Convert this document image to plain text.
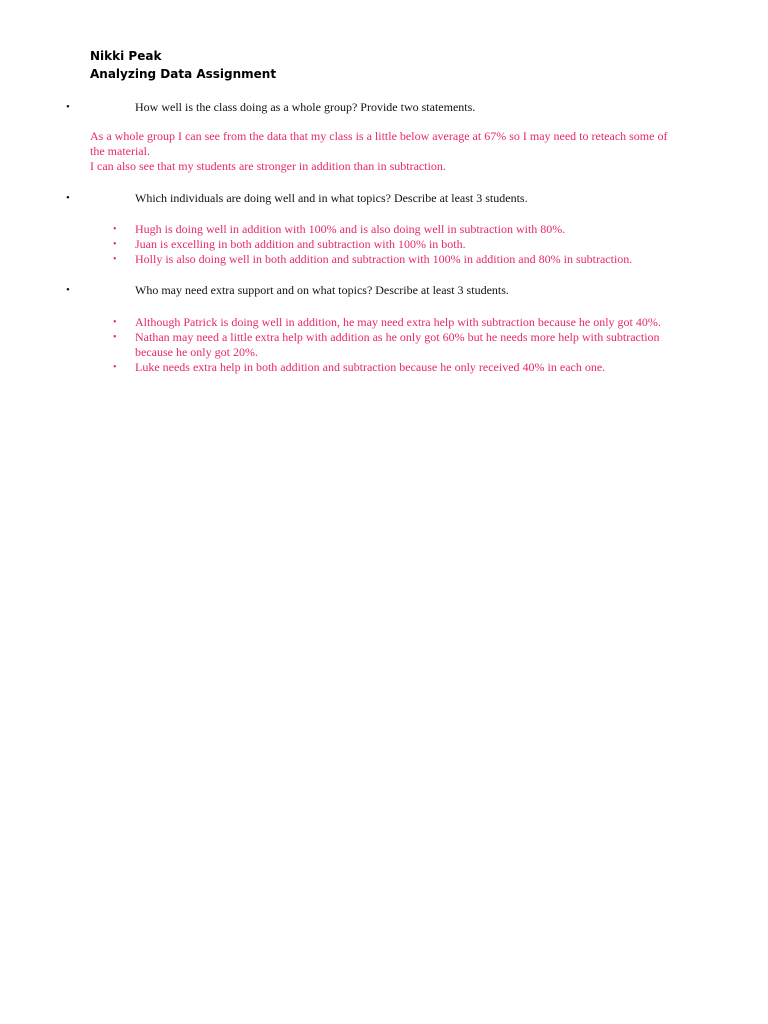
Nikki Peak
Analyzing Data Assignment
•	How well is the class doing as a whole group? Provide two statements.

As a whole group I can see from the data that my class is a little below average at 67% so I may need to reteach some of the material.

I can also see that my students are stronger in addition than in subtraction.

•	Which individuals are doing well and in what topics? Describe at least 3 students.
• Hugh is doing well in addition with 100% and is also doing well in subtraction with 80%.
• Juan is excelling in both addition and subtraction with 100% in both.
• Holly is also doing well in both addition and subtraction with 100% in addition and 80% in subtraction.
•	Who may need extra support and on what topics? Describe at least 3 students.
• Although Patrick is doing well in addition, he may need extra help with subtraction because he only got 40%.
• Nathan may need a little extra help with addition as he only got 60% but he needs more help with subtraction because he only got 20%.
• Luke needs extra help in both addition and subtraction because he only received 40% in each one.
